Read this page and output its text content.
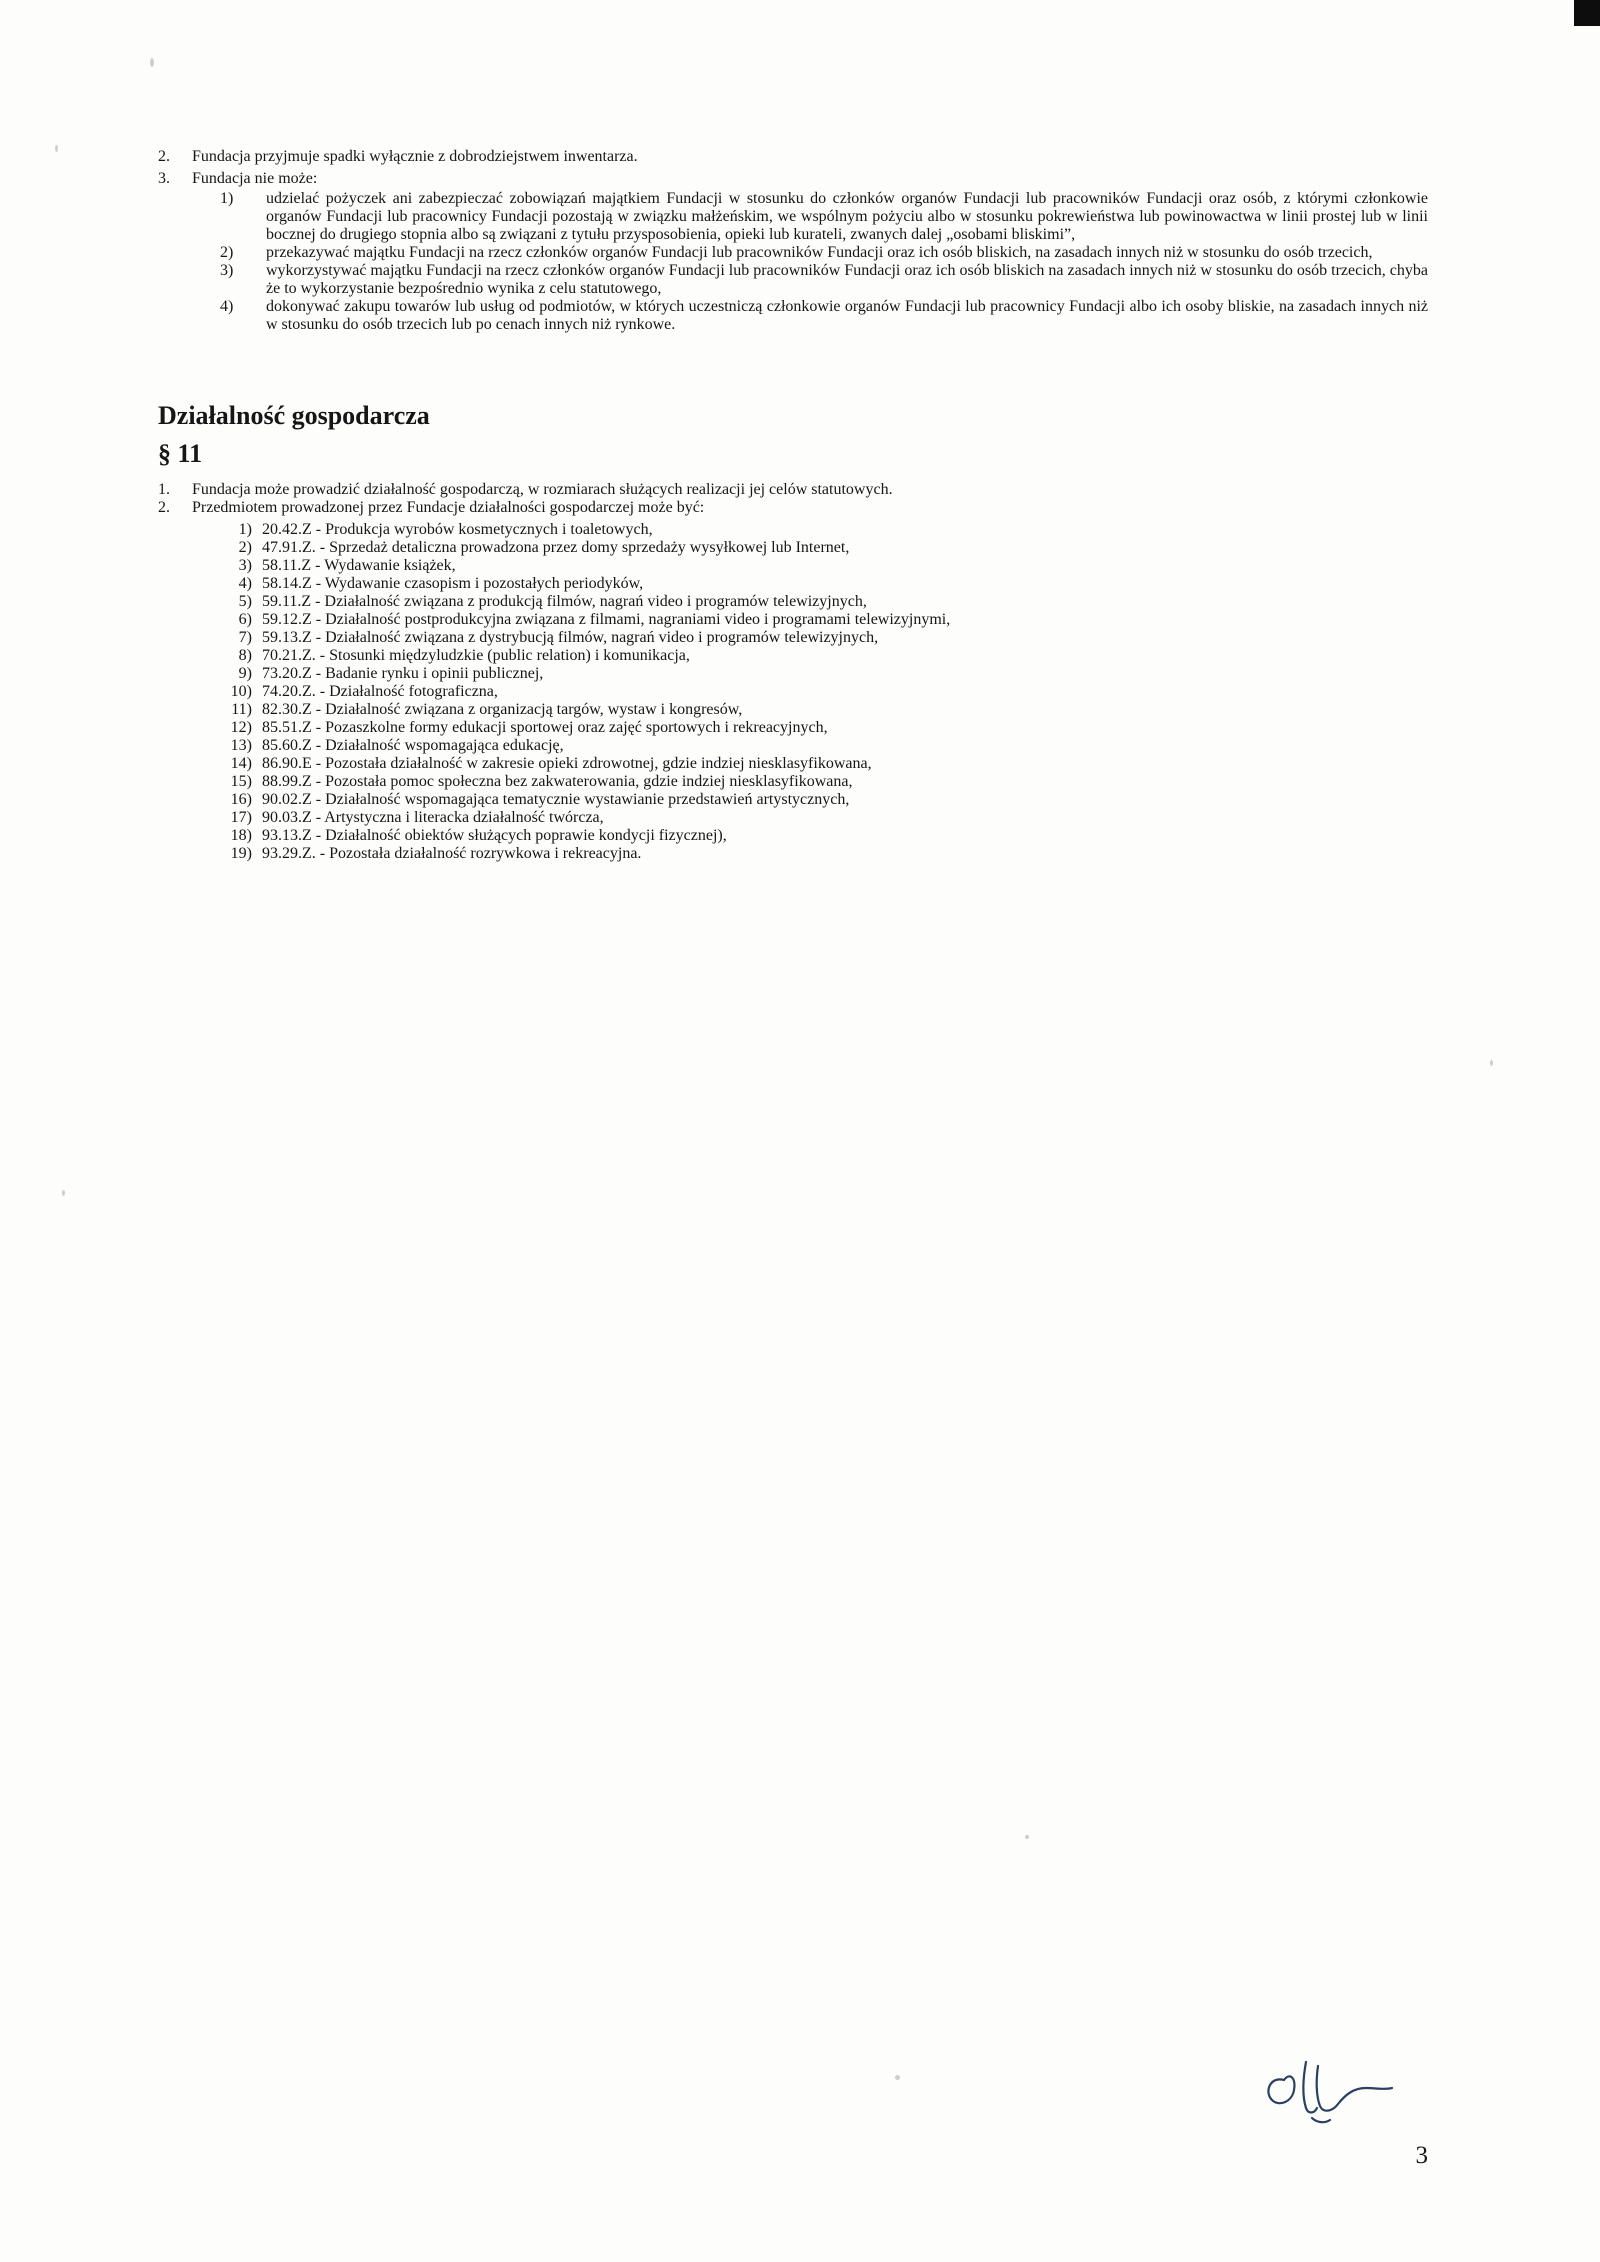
2.	Fundacja przyjmuje spadki wyłącznie z dobrodziejstwem inwentarza.
3.	Fundacja nie może:
1)	udzielać pożyczek ani zabezpieczać zobowiązań majątkiem Fundacji w stosunku do członków organów Fundacji lub pracowników Fundacji oraz osób, z którymi członkowie organów Fundacji lub pracownicy Fundacji pozostają w związku małżeńskim, we wspólnym pożyciu albo w stosunku pokrewieństwa lub powinowactwa w linii prostej lub w linii bocznej do drugiego stopnia albo są związani z tytułu przysposobienia, opieki lub kurateli, zwanych dalej „osobami bliskimi”,
2)	przekazywać majątku Fundacji na rzecz członków organów Fundacji lub pracowników Fundacji oraz ich osób bliskich, na zasadach innych niż w stosunku do osób trzecich,
3)	wykorzystywać majątku Fundacji na rzecz członków organów Fundacji lub pracowników Fundacji oraz ich osób bliskich na zasadach innych niż w stosunku do osób trzecich, chyba że to wykorzystanie bezpośrednio wynika z celu statutowego,
4)	dokonywać zakupu towarów lub usług od podmiotów, w których uczestniczą członkowie organów Fundacji lub pracownicy Fundacji albo ich osoby bliskie, na zasadach innych niż w stosunku do osób trzecich lub po cenach innych niż rynkowe.
Działalność gospodarcza
§ 11
1.	Fundacja może prowadzić działalność gospodarczą, w rozmiarach służących realizacji jej celów statutowych.
2.	Przedmiotem prowadzonej przez Fundacje działalności gospodarczej może być:
1) 20.42.Z - Produkcja wyrobów kosmetycznych i toaletowych,
2) 47.91.Z. - Sprzedaż detaliczna prowadzona przez domy sprzedaży wysyłkowej lub Internet,
3) 58.11.Z - Wydawanie książek,
4) 58.14.Z - Wydawanie czasopism i pozostałych periodyków,
5) 59.11.Z - Działalność związana z produkcją filmów, nagrań video i programów telewizyjnych,
6) 59.12.Z - Działalność postprodukcyjna związana z filmami, nagraniami video i programami telewizyjnymi,
7) 59.13.Z - Działalność związana z dystrybucją filmów, nagrań video i programów telewizyjnych,
8) 70.21.Z. - Stosunki międzyludzkie (public relation) i komunikacja,
9) 73.20.Z - Badanie rynku i opinii publicznej,
10) 74.20.Z. - Działalność fotograficzna,
11) 82.30.Z - Działalność związana z organizacją targów, wystaw i kongresów,
12) 85.51.Z - Pozaszkolne formy edukacji sportowej oraz zajęć sportowych i rekreacyjnych,
13) 85.60.Z - Działalność wspomagająca edukację,
14) 86.90.E - Pozostała działalność w zakresie opieki zdrowotnej, gdzie indziej niesklasyfikowana,
15) 88.99.Z - Pozostała pomoc społeczna bez zakwaterowania, gdzie indziej niesklasyfikowana,
16) 90.02.Z - Działalność wspomagająca tematycznie wystawianie przedstawień artystycznych,
17) 90.03.Z - Artystyczna i literacka działalność twórcza,
18) 93.13.Z - Działalność obiektów służących poprawie kondycji fizycznej),
19) 93.29.Z. - Pozostała działalność rozrywkowa i rekreacyjna.
3
